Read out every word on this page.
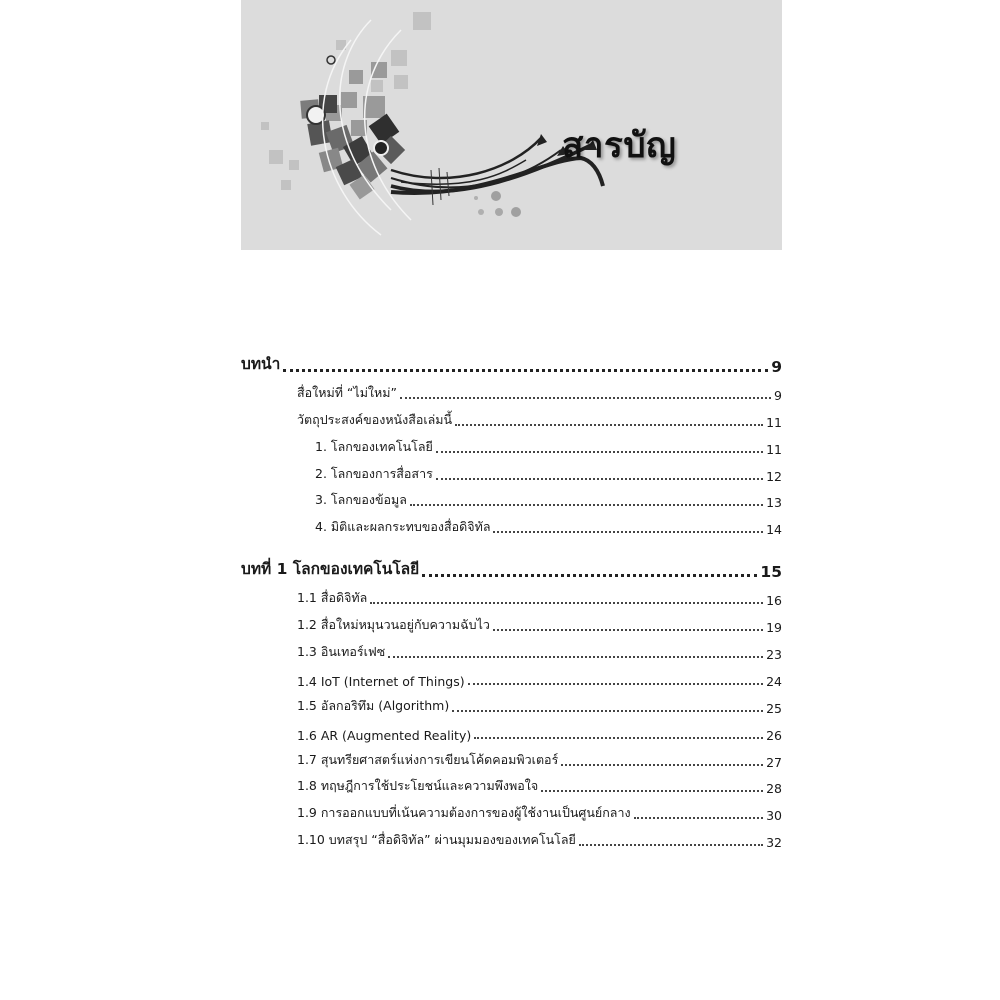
สารบัญ
บทนำ	9
สื่อใหม่ที่ “ไม่ใหม่”	9
วัตถุประสงค์ของหนังสือเล่มนี้	11
1. โลกของเทคโนโลยี	11
2. โลกของการสื่อสาร	12
3. โลกของข้อมูล	13
4. มิติและผลกระทบของสื่อดิจิทัล	14
บทที่ 1 โลกของเทคโนโลยี	15
1.1 สื่อดิจิทัล	16
1.2 สื่อใหม่หมุนวนอยู่กับความฉับไว	19
1.3 อินเทอร์เฟซ	23
1.4 IoT (Internet of Things)	24
1.5 อัลกอริทึม (Algorithm)	25
1.6 AR (Augmented Reality)	26
1.7 สุนทรียศาสตร์แห่งการเขียนโค้ดคอมพิวเตอร์	27
1.8 ทฤษฎีการใช้ประโยชน์และความพึงพอใจ	28
1.9 การออกแบบที่เน้นความต้องการของผู้ใช้งานเป็นศูนย์กลาง	30
1.10 บทสรุป “สื่อดิจิทัล” ผ่านมุมมองของเทคโนโลยี	32
